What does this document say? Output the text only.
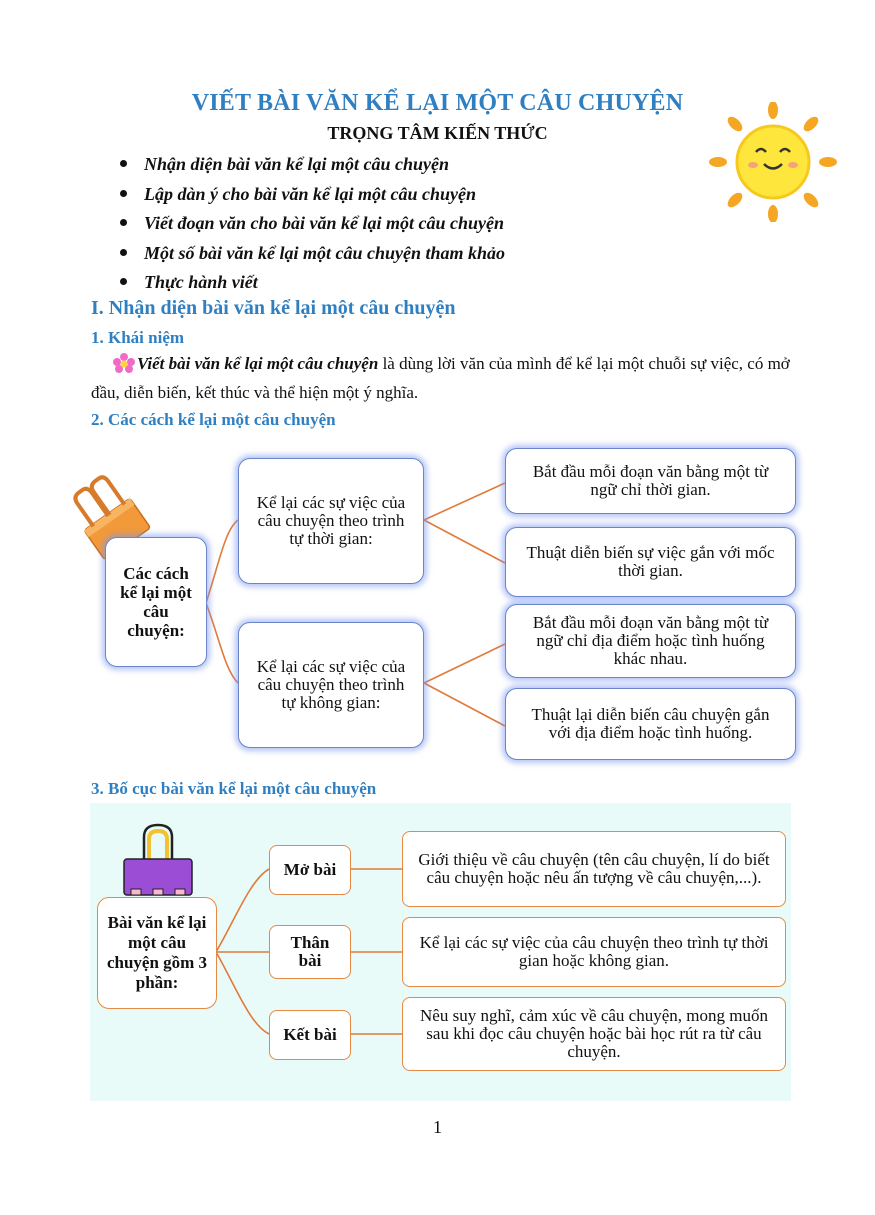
VIẾT BÀI VĂN KỂ LẠI MỘT CÂU CHUYỆN
TRỌNG TÂM KIẾN THỨC
Nhận diện bài văn kể lại một câu chuyện
Lập dàn ý cho bài văn kể lại một câu chuyện
Viết đoạn văn cho bài văn kể lại một câu chuyện
Một số bài văn kể lại một câu chuyện tham khảo
Thực hành viết
I. Nhận diện bài văn kể lại một câu chuyện
1. Khái niệm
Viết bài văn kể lại một câu chuyện là dùng lời văn của mình để kể lại một chuỗi sự việc, có mở đầu, diễn biến, kết thúc và thể hiện một ý nghĩa.
2. Các cách kể lại một câu chuyện
Các cách kể lại một câu chuyện:
Kể lại các sự việc của câu chuyện theo trình tự thời gian:
Kể lại các sự việc của câu chuyện theo trình tự không gian:
Bắt đầu mỗi đoạn văn bằng một từ ngữ chỉ thời gian.
Thuật diễn biến sự việc gắn với mốc thời gian.
Bắt đầu mỗi đoạn văn bằng một từ ngữ chỉ địa điểm hoặc tình huống khác nhau.
Thuật lại diễn biến câu chuyện gắn với địa điểm hoặc tình huống.
3. Bố cục bài văn kể lại một câu chuyện
Bài văn kể lại một câu chuyện gồm 3 phần:
Mở bài
Thân bài
Kết bài
Giới thiệu về câu chuyện (tên câu chuyện, lí do biết câu chuyện hoặc nêu ấn tượng về câu chuyện,...).
Kể lại các sự việc của câu chuyện theo trình tự thời gian hoặc không gian.
Nêu suy nghĩ, cảm xúc về câu chuyện, mong muốn sau khi đọc câu chuyện hoặc bài học rút ra từ câu chuyện.
1
